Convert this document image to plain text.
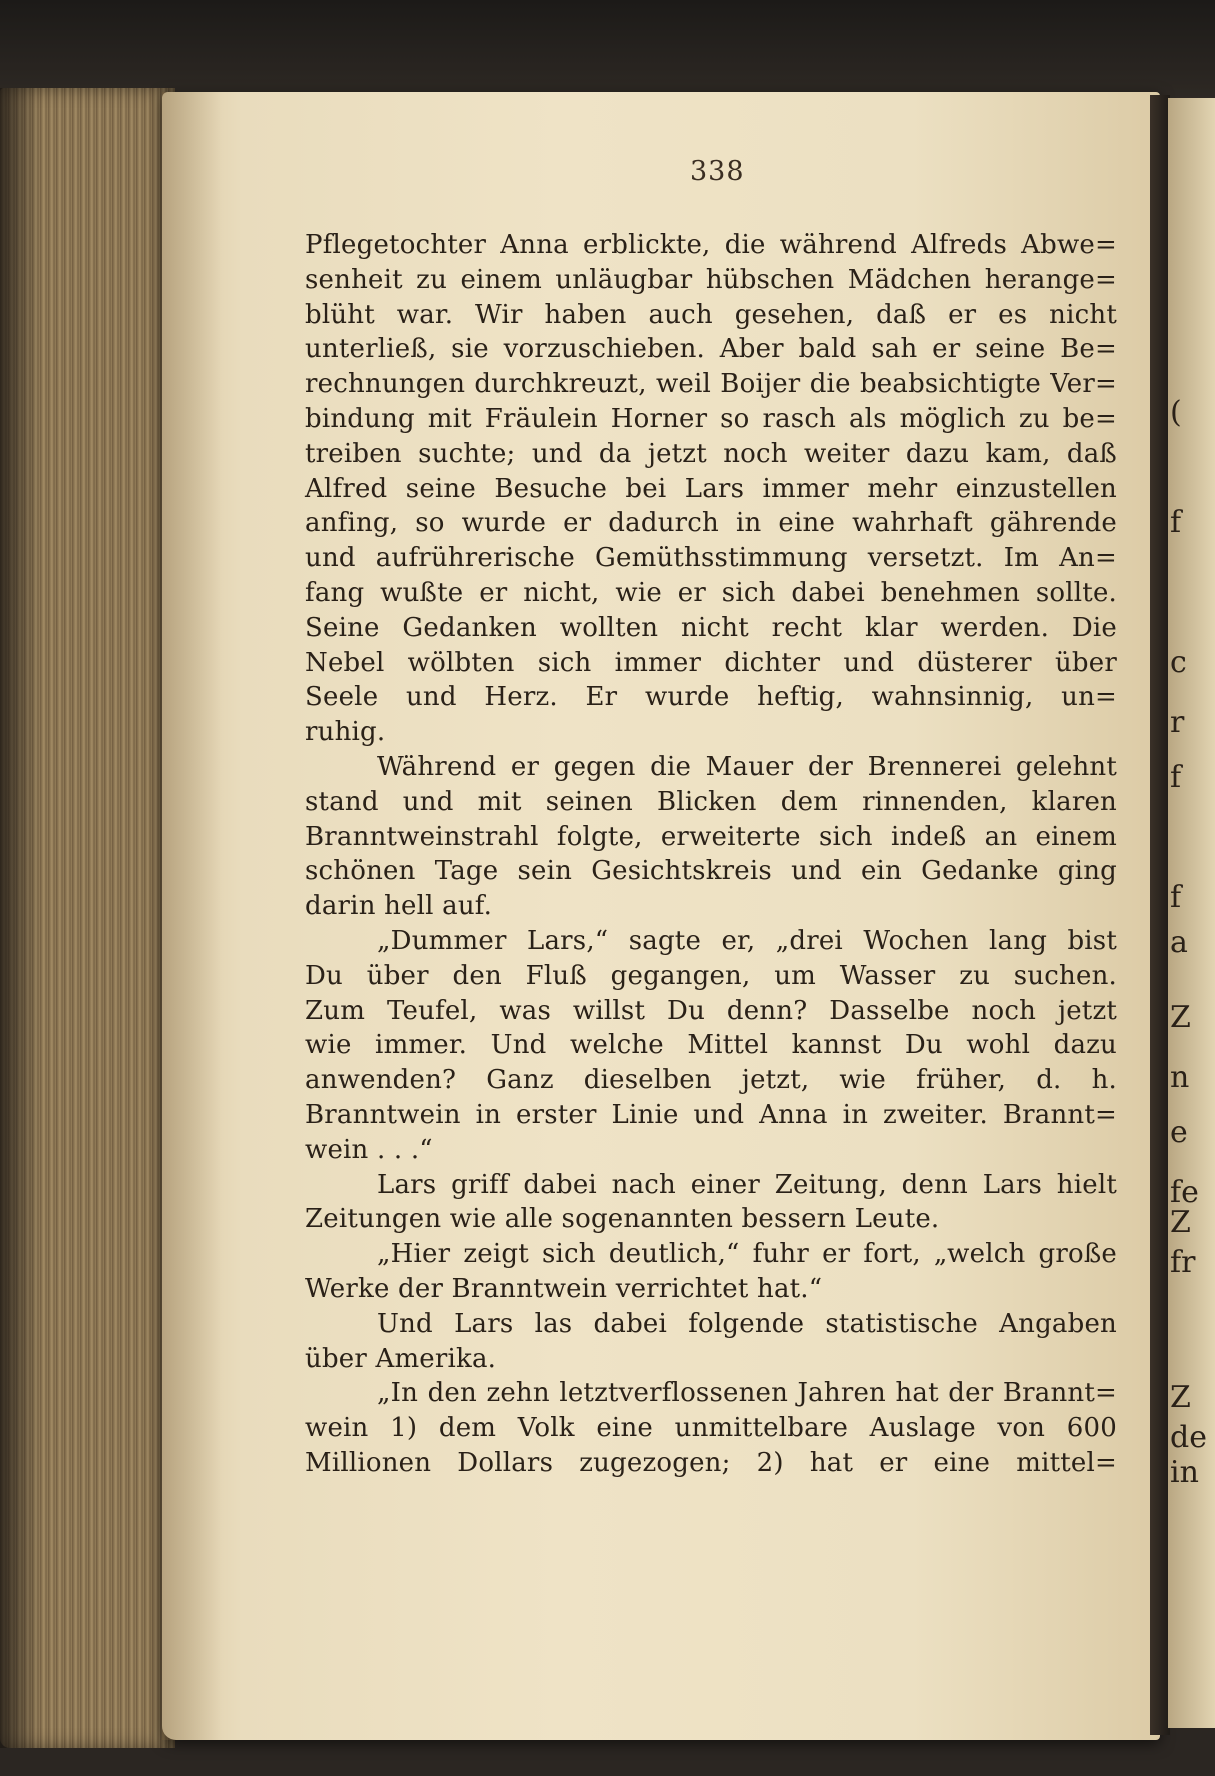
(
f
c
r
f
f
a
Z
n
e
fe
Z
fr
Z
de
in
338
Pflegetochter Anna erblickte, die während Alfreds Abwe=
senheit zu einem unläugbar hübschen Mädchen herange=
blüht war. Wir haben auch gesehen, daß er es nicht
unterließ, sie vorzuschieben. Aber bald sah er seine Be=
rechnungen durchkreuzt, weil Boijer die beabsichtigte Ver=
bindung mit Fräulein Horner so rasch als möglich zu be=
treiben suchte; und da jetzt noch weiter dazu kam, daß
Alfred seine Besuche bei Lars immer mehr einzustellen
anfing, so wurde er dadurch in eine wahrhaft gährende
und aufrührerische Gemüthsstimmung versetzt. Im An=
fang wußte er nicht, wie er sich dabei benehmen sollte.
Seine Gedanken wollten nicht recht klar werden. Die
Nebel wölbten sich immer dichter und düsterer über
Seele und Herz. Er wurde heftig, wahnsinnig, un=
ruhig.
Während er gegen die Mauer der Brennerei gelehnt
stand und mit seinen Blicken dem rinnenden, klaren
Branntweinstrahl folgte, erweiterte sich indeß an einem
schönen Tage sein Gesichtskreis und ein Gedanke ging
darin hell auf.
„Dummer Lars,“ sagte er, „drei Wochen lang bist
Du über den Fluß gegangen, um Wasser zu suchen.
Zum Teufel, was willst Du denn? Dasselbe noch jetzt
wie immer. Und welche Mittel kannst Du wohl dazu
anwenden? Ganz dieselben jetzt, wie früher, d. h.
Branntwein in erster Linie und Anna in zweiter. Brannt=
wein . . .“
Lars griff dabei nach einer Zeitung, denn Lars hielt
Zeitungen wie alle sogenannten bessern Leute.
„Hier zeigt sich deutlich,“ fuhr er fort, „welch große
Werke der Branntwein verrichtet hat.“
Und Lars las dabei folgende statistische Angaben
über Amerika.
„In den zehn letztverflossenen Jahren hat der Brannt=
wein 1) dem Volk eine unmittelbare Auslage von 600
Millionen Dollars zugezogen; 2) hat er eine mittel=
